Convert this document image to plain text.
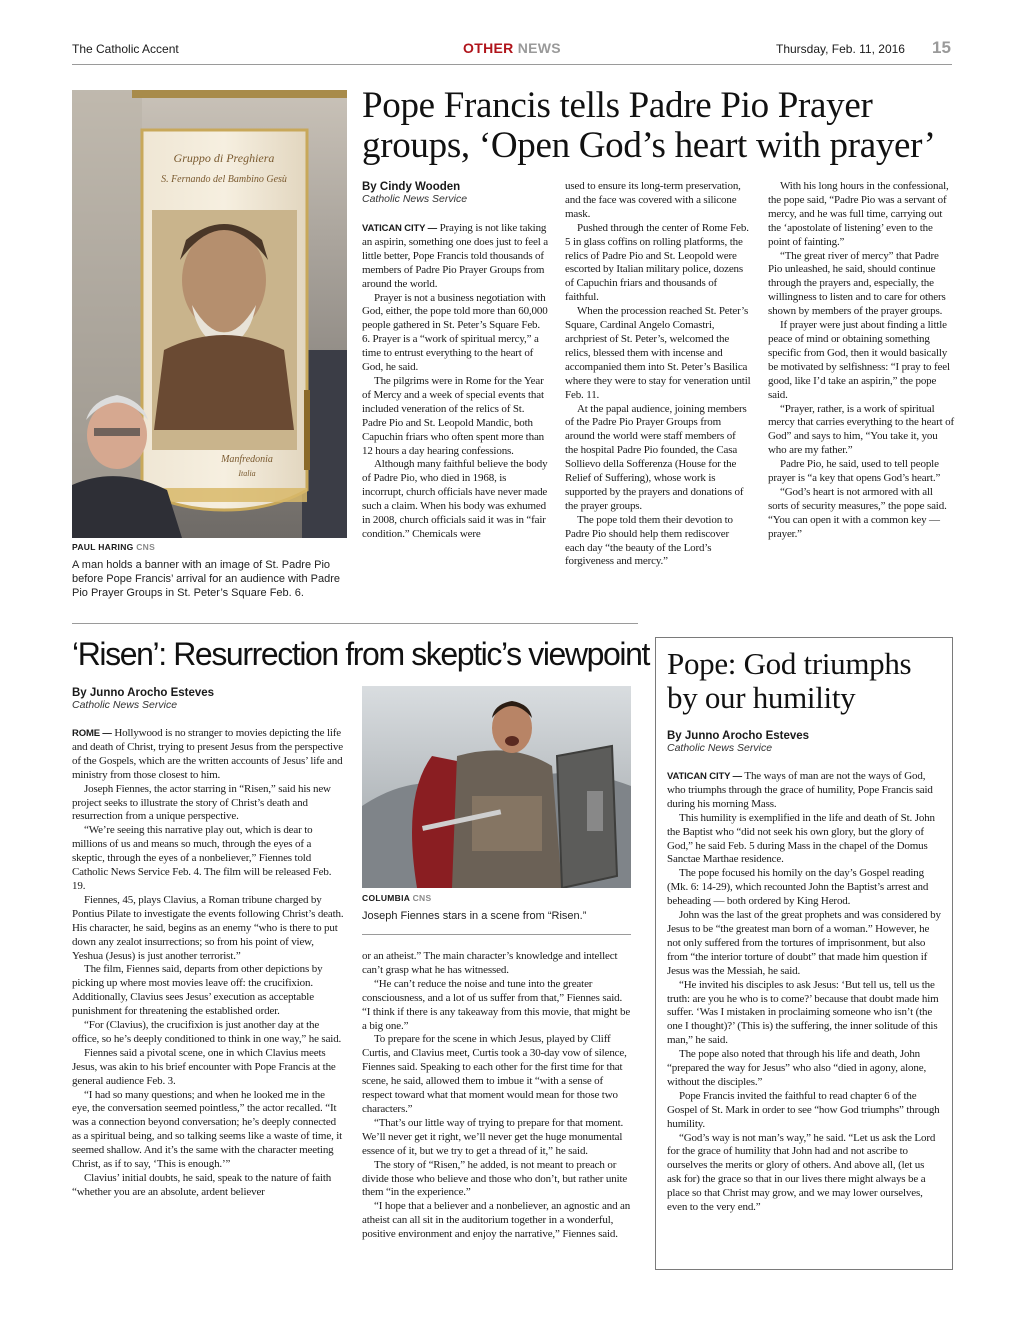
The Catholic Accent	OTHER NEWS	Thursday, Feb. 11, 2016 15
Gruppo di Preghiera
S. Fernando del Bambino Gesù
Manfredonia
Italia
PAUL HARING CNS
A man holds a banner with an image of St. Padre Pio before Pope Francis’ arrival for an audience with Padre Pio Prayer Groups in St. Peter’s Square Feb. 6.
Pope Francis tells Padre Pio Prayer groups, ‘Open God’s heart with prayer’
By Cindy Wooden
Catholic News Service

VATICAN CITY — Praying is not like taking an aspirin, something one does just to feel a little better, Pope Francis told thousands of members of Padre Pio Prayer Groups from around the world.

Prayer is not a business negotiation with God, either, the pope told more than 60,000 people gathered in St. Peter’s Square Feb. 6. Prayer is a “work of spiritual mercy,” a time to entrust everything to the heart of God, he said.

The pilgrims were in Rome for the Year of Mercy and a week of special events that included veneration of the relics of St. Padre Pio and St. Leopold Mandic, both Capuchin friars who often spent more than 12 hours a day hearing confessions.

Although many faithful believe the body of Padre Pio, who died in 1968, is incorrupt, church officials have never made such a claim. When his body was exhumed in 2008, church officials said it was in “fair condition.” Chemicals were

used to ensure its long-term preservation, and the face was covered with a silicone mask.

Pushed through the center of Rome Feb. 5 in glass coffins on rolling platforms, the relics of Padre Pio and St. Leopold were escorted by Italian military police, dozens of Capuchin friars and thousands of faithful.

When the procession reached St. Peter’s Square, Cardinal Angelo Comastri, archpriest of St. Peter’s, welcomed the relics, blessed them with incense and accompanied them into St. Peter’s Basilica where they were to stay for veneration until Feb. 11.

At the papal audience, joining members of the Padre Pio Prayer Groups from around the world were staff members of the hospital Padre Pio founded, the Casa Sollievo della Sofferenza (House for the Relief of Suffering), whose work is supported by the prayers and donations of the prayer groups.

The pope told them their devotion to Padre Pio should help them rediscover each day “the beauty of the Lord’s forgiveness and mercy.”

With his long hours in the confessional, the pope said, “Padre Pio was a servant of mercy, and he was full time, carrying out the ‘apostolate of listening’ even to the point of fainting.”

“The great river of mercy” that Padre Pio unleashed, he said, should continue through the prayers and, especially, the willingness to listen and to care for others shown by members of the prayer groups.

If prayer were just about finding a little peace of mind or obtaining something specific from God, then it would basically be motivated by selfishness: “I pray to feel good, like I’d take an aspirin,” the pope said.

“Prayer, rather, is a work of spiritual mercy that carries everything to the heart of God” and says to him, “You take it, you who are my father.”

Padre Pio, he said, used to tell people prayer is “a key that opens God’s heart.”

“God’s heart is not armored with all sorts of security measures,” the pope said. “You can open it with a common key — prayer.”

‘Risen’: Resurrection from skeptic’s viewpoint
By Junno Arocho Esteves
Catholic News Service

ROME — Hollywood is no stranger to movies depicting the life and death of Christ, trying to present Jesus from the perspective of the Gospels, which are the written accounts of Jesus’ life and ministry from those closest to him.

Joseph Fiennes, the actor starring in “Risen,” said his new project seeks to illustrate the story of Christ’s death and resurrection from a unique perspective.

“We’re seeing this narrative play out, which is dear to millions of us and means so much, through the eyes of a skeptic, through the eyes of a nonbeliever,” Fiennes told Catholic News Service Feb. 4. The film will be released Feb. 19.

Fiennes, 45, plays Clavius, a Roman tribune charged by Pontius Pilate to investigate the events following Christ’s death. His character, he said, begins as an enemy “who is there to put down any zealot insurrections; so from his point of view, Yeshua (Jesus) is just another terrorist.”

The film, Fiennes said, departs from other depictions by picking up where most movies leave off: the crucifixion. Additionally, Clavius sees Jesus’ execution as acceptable punishment for threatening the established order.

“For (Clavius), the crucifixion is just another day at the office, so he’s deeply conditioned to think in one way,” he said.

Fiennes said a pivotal scene, one in which Clavius meets Jesus, was akin to his brief encounter with Pope Francis at the general audience Feb. 3.

“I had so many questions; and when he looked me in the eye, the conversation seemed pointless,” the actor recalled. “It was a connection beyond conversation; he’s deeply connected as a spiritual being, and so talking seems like a waste of time, it seemed shallow. And it’s the same with the character meeting Christ, as if to say, ‘This is enough.’”

Clavius’ initial doubts, he said, speak to the nature of faith “whether you are an absolute, ardent believer

COLUMBIA CNS
Joseph Fiennes stars in a scene from “Risen.”

or an atheist.” The main character’s knowledge and intellect can’t grasp what he has witnessed.

“He can’t reduce the noise and tune into the greater consciousness, and a lot of us suffer from that,” Fiennes said. “I think if there is any takeaway from this movie, that might be a big one.”

To prepare for the scene in which Jesus, played by Cliff Curtis, and Clavius meet, Curtis took a 30-day vow of silence, Fiennes said. Speaking to each other for the first time for that scene, he said, allowed them to imbue it “with a sense of respect toward what that moment would mean for those two characters.”

“That’s our little way of trying to prepare for that moment. We’ll never get it right, we’ll never get the huge monumental essence of it, but we try to get a thread of it,” he said.

The story of “Risen,” he added, is not meant to preach or divide those who believe and those who don’t, but rather unite them “in the experience.”

“I hope that a believer and a nonbeliever, an agnostic and an atheist can all sit in the auditorium together in a wonderful, positive environment and enjoy the narrative,” Fiennes said.

Pope: God triumphs by our humility
By Junno Arocho Esteves
Catholic News Service

VATICAN CITY — The ways of man are not the ways of God, who triumphs through the grace of humility, Pope Francis said during his morning Mass.

This humility is exemplified in the life and death of St. John the Baptist who “did not seek his own glory, but the glory of God,” he said Feb. 5 during Mass in the chapel of the Domus Sanctae Marthae residence.

The pope focused his homily on the day’s Gospel reading (Mk. 6: 14-29), which recounted John the Baptist’s arrest and beheading — both ordered by King Herod.

John was the last of the great prophets and was considered by Jesus to be “the greatest man born of a woman.” However, he not only suffered from the tortures of imprisonment, but also from “the interior torture of doubt” that made him question if Jesus was the Messiah, he said.

“He invited his disciples to ask Jesus: ‘But tell us, tell us the truth: are you he who is to come?’ because that doubt made him suffer. ‘Was I mistaken in proclaiming someone who isn’t (the one I thought)?’ (This is) the suffering, the inner solitude of this man,” he said.

The pope also noted that through his life and death, John “prepared the way for Jesus” who also “died in agony, alone, without the disciples.”

Pope Francis invited the faithful to read chapter 6 of the Gospel of St. Mark in order to see “how God triumphs” through humility.

“God’s way is not man’s way,” he said. “Let us ask the Lord for the grace of humility that John had and not ascribe to ourselves the merits or glory of others. And above all, (let us ask for) the grace so that in our lives there might always be a place so that Christ may grow, and we may lower ourselves, even to the very end.”
